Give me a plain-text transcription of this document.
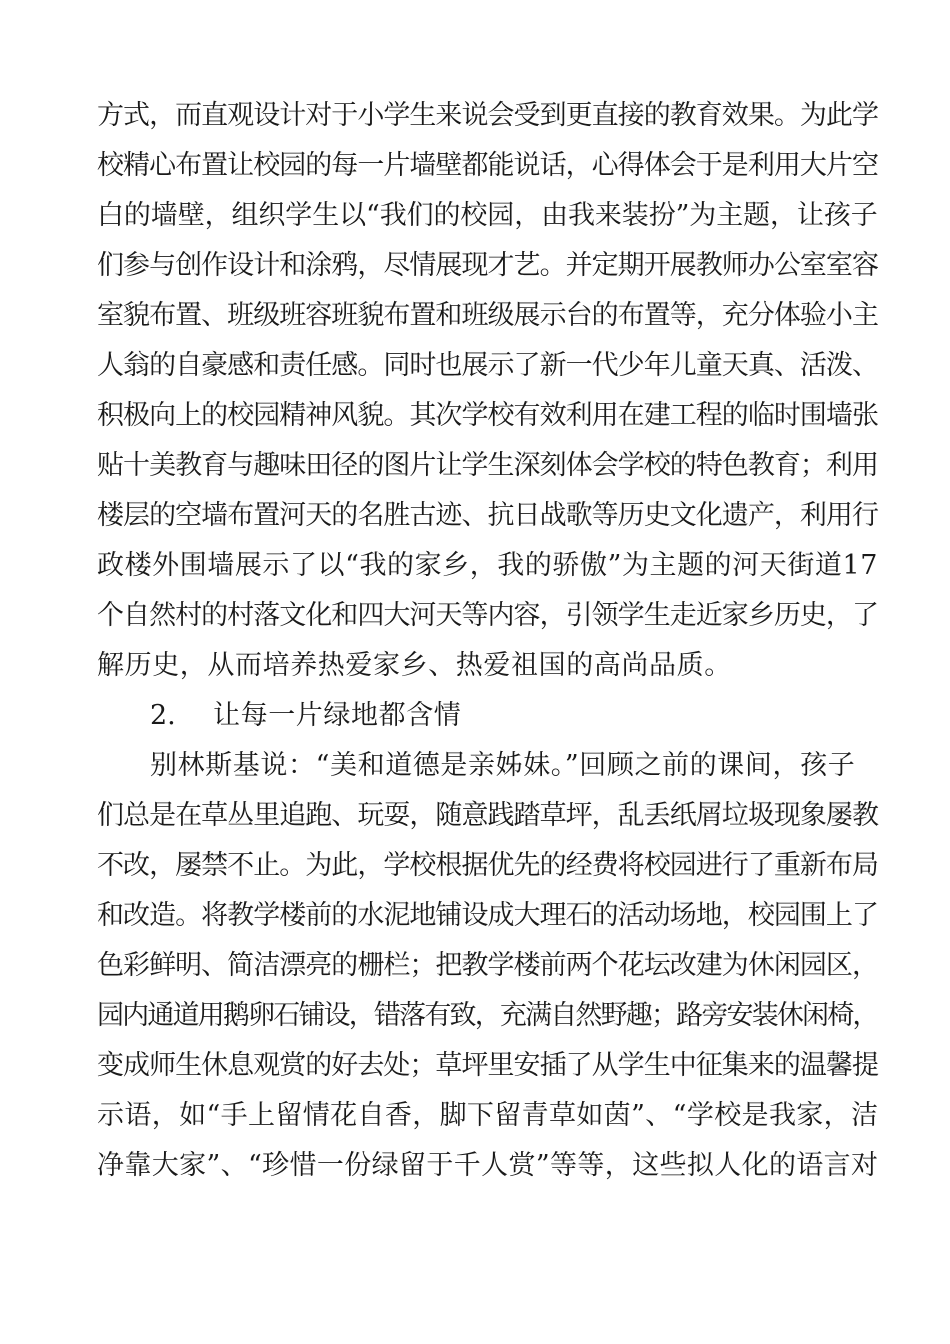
方式，而直观设计对于小学生来说会受到更直接的教育效果。为此学
校精心布置让校园的每一片墙壁都能说话，心得体会于是利用大片空
白的墙壁，组织学生以“我们的校园，由我来装扮”为主题，让孩子
们参与创作设计和涂鸦，尽情展现才艺。并定期开展教师办公室室容
室貌布置、班级班容班貌布置和班级展示台的布置等，充分体验小主
人翁的自豪感和责任感。同时也展示了新一代少年儿童天真、活泼、
积极向上的校园精神风貌。其次学校有效利用在建工程的临时围墙张
贴十美教育与趣味田径的图片让学生深刻体会学校的特色教育；利用
楼层的空墙布置河天的名胜古迹、抗日战歌等历史文化遗产，利用行
政楼外围墙展示了以“我的家乡，我的骄傲”为主题的河天街道17
个自然村的村落文化和四大河天等内容，引领学生走近家乡历史，了
解历史，从而培养热爱家乡、热爱祖国的高尚品质。
2. 让每一片绿地都含情
别林斯基说：“美和道德是亲姊妹。”回顾之前的课间，孩子
们总是在草丛里追跑、玩耍，随意践踏草坪，乱丢纸屑垃圾现象屡教
不改，屡禁不止。为此，学校根据优先的经费将校园进行了重新布局
和改造。将教学楼前的水泥地铺设成大理石的活动场地，校园围上了
色彩鲜明、简洁漂亮的栅栏；把教学楼前两个花坛改建为休闲园区，
园内通道用鹅卵石铺设，错落有致，充满自然野趣；路旁安装休闲椅，
变成师生休息观赏的好去处；草坪里安插了从学生中征集来的温馨提
示语，如“手上留情花自香，脚下留青草如茵”、“学校是我家，洁
净靠大家”、“珍惜一份绿留于千人赏”等等，这些拟人化的语言对
